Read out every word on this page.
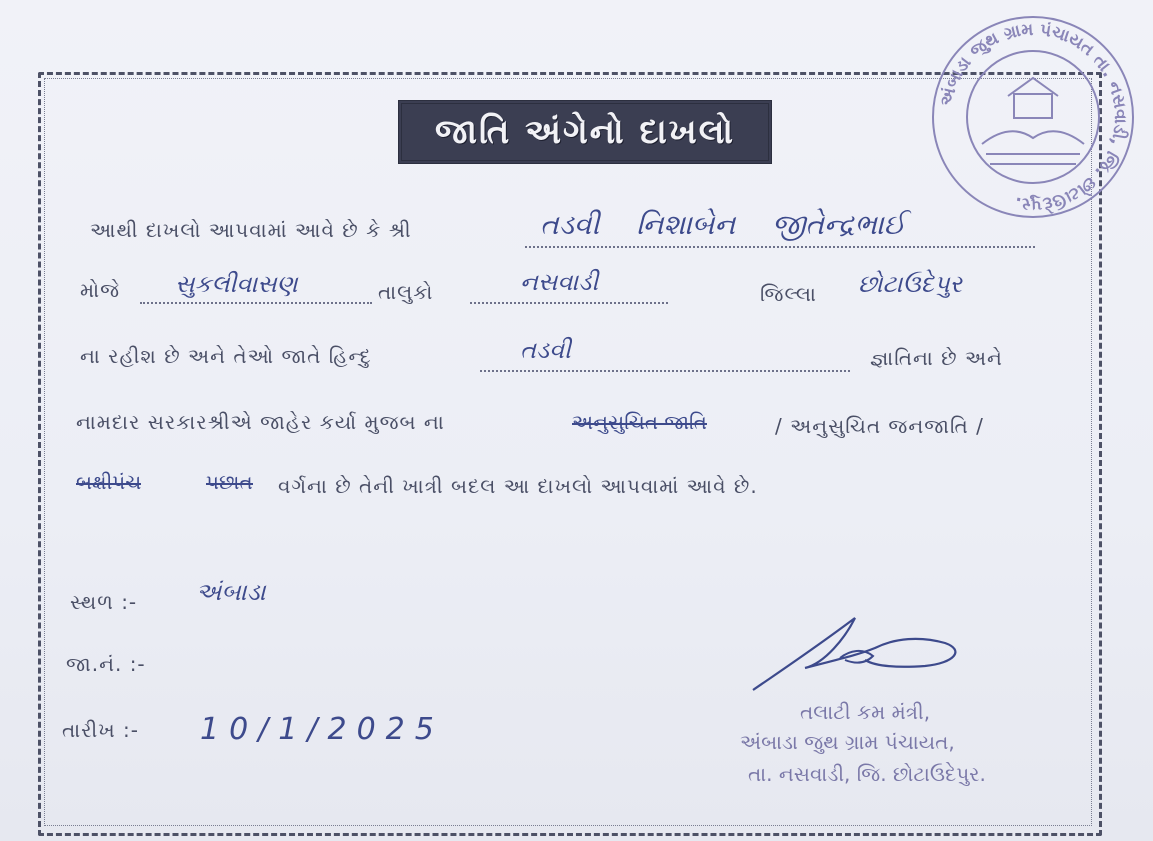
અંબાડા જુથ ગ્રામ પંચાયત તા. નસવાડી, જિ. છોટાઉદેપુર.
જાતિ અંગેનો દાખલો
આથી દાખલો આપવામાં આવે છે કે શ્રી	તડવી નિશાબેન જીતેન્દ્રભાઈ
મોજે સુકલીવાસણ	તાલુકો	નસવાડી	જિલ્લા છોટાઉદેપુર
ના રહીશ છે અને તેઓ જાતે હિન્દુ	તડવી	જ્ઞાતિના છે અને
નામદાર સરકારશ્રીએ જાહેર કર્યા મુજબ ના	અનુસુચિત જાતિ	/ અનુસુચિત જનજાતિ /
બક્ષીપંચ	પછાત વર્ગના છે તેની ખાત્રી બદલ આ દાખલો આપવામાં આવે છે.
સ્થળ :- અંબાડા
જા.નં. :-
તારીખ :- 10/1/2025	તલાટી કમ મંત્રી,
અંબાડા જુથ ગ્રામ પંચાયત,
તા. નસવાડી, જિ. છોટાઉદેપુર.
